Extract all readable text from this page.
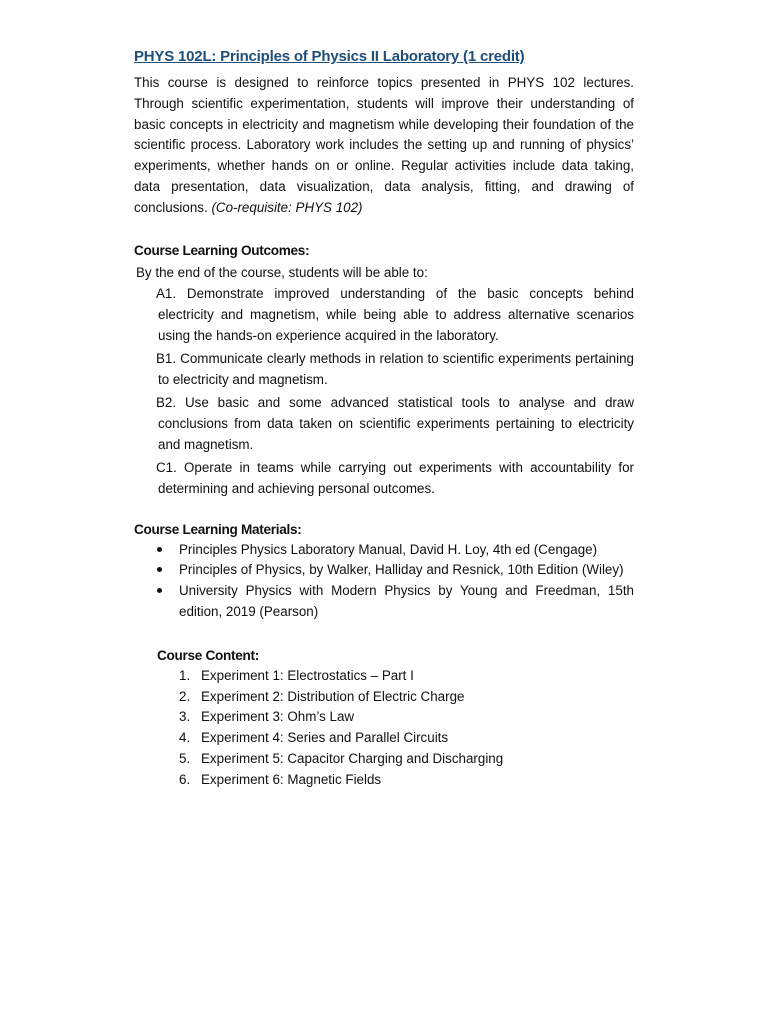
PHYS 102L: Principles of Physics II Laboratory (1 credit)

This course is designed to reinforce topics presented in PHYS 102 lectures. Through scientific experimentation, students will improve their understanding of basic concepts in electricity and magnetism while developing their foundation of the scientific process. Laboratory work includes the setting up and running of physics’ experiments, whether hands on or online. Regular activities include data taking, data presentation, data visualization, data analysis, fitting, and drawing of conclusions. (Co-requisite: PHYS 102)

Course Learning Outcomes:
By the end of the course, students will be able to:
A1. Demonstrate improved understanding of the basic concepts behind electricity and magnetism, while being able to address alternative scenarios using the hands-on experience acquired in the laboratory.
B1. Communicate clearly methods in relation to scientific experiments pertaining to electricity and magnetism.
B2. Use basic and some advanced statistical tools to analyse and draw conclusions from data taken on scientific experiments pertaining to electricity and magnetism.
C1. Operate in teams while carrying out experiments with accountability for determining and achieving personal outcomes.
Course Learning Materials:
Principles Physics Laboratory Manual, David H. Loy, 4th ed (Cengage)
Principles of Physics, by Walker, Halliday and Resnick, 10th Edition (Wiley)
University Physics with Modern Physics by Young and Freedman, 15th edition, 2019 (Pearson)
Course Content:
1. Experiment 1: Electrostatics – Part I
2. Experiment 2: Distribution of Electric Charge
3. Experiment 3: Ohm’s Law
4. Experiment 4: Series and Parallel Circuits
5. Experiment 5: Capacitor Charging and Discharging
6. Experiment 6: Magnetic Fields
